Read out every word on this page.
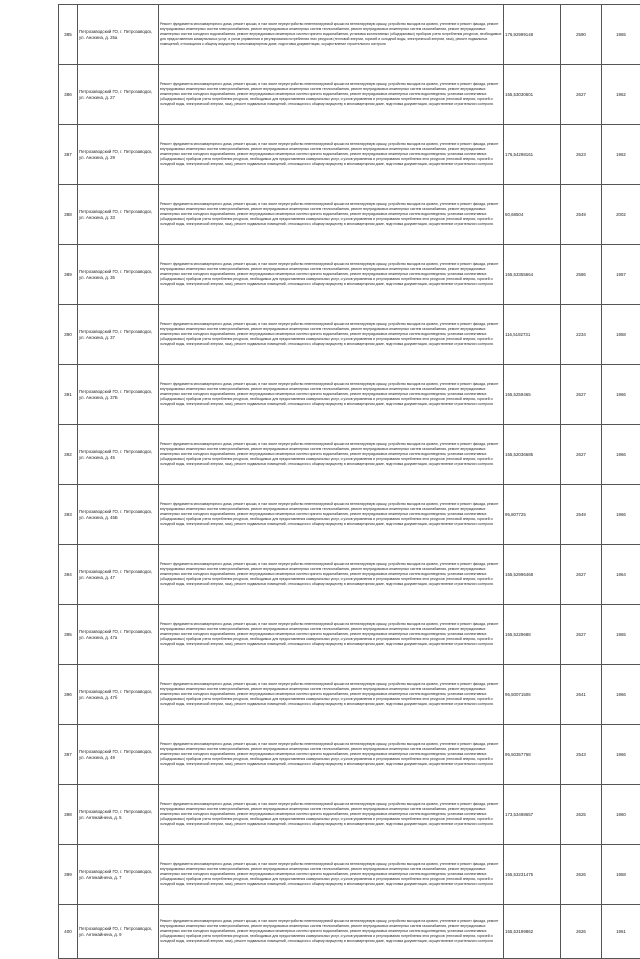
385	Петрозаводский ГО, г. Петрозаводск, ул. Анохина, д. 25а	Ремонт фундамента многоквартирного дома, ремонт крыши, в том числе переустройство невентилируемой крыши на вентилируемую крышу, устройство выходов на кровлю, утепление и ремонт фасада, ремонт внутридомовых инженерных систем электроснабжения, ремонт внутридомовых инженерных систем теплоснабжения, ремонт внутридомовых инженерных систем газоснабжения, ремонт внутридомовых инженерных систем холодного водоснабжения, ремонт внутридомовых инженерных систем горячего водоснабжения, установка коллективных (общедомовых) приборов учета потребления ресурсов, необходимых для предоставления коммунальных услуг, и узлов управления и регулирования потребления этих ресурсов (тепловой энергии, горячей и холодной воды, электрической энергии, газа), ремонт подвальных помещений, относящихся к общему имуществу в многоквартирном доме, подготовка документации, осуществление строительного контроля	176,92999148	2590	1965
386	Петрозаводский ГО, г. Петрозаводск, ул. Анохина, д. 27	Ремонт фундамента многоквартирного дома, ремонт крыши, в том числе переустройство невентилируемой крыши на вентилируемую крышу, устройство выходов на кровлю, утепление и ремонт фасада, ремонт внутридомовых инженерных систем электроснабжения, ремонт внутридомовых инженерных систем теплоснабжения, ремонт внутридомовых инженерных систем газоснабжения, ремонт внутридомовых инженерных систем холодного водоснабжения, ремонт внутридомовых инженерных систем горячего водоснабжения, ремонт внутридомовых инженерных систем водоотведения, установка коллективных (общедомовых) приборов учета потребления ресурсов, необходимых для предоставления коммунальных услуг, и узлов управления и регулирования потребления этих ресурсов (тепловой энергии, горячей и холодной воды, электрической энергии, газа), ремонт подвальных помещений, относящихся к общему имуществу в многоквартирном доме, подготовка документации, осуществление строительного контроля	155,53030601	2627	1962
387	Петрозаводский ГО, г. Петрозаводск, ул. Анохина, д. 29	Ремонт фундамента многоквартирного дома, ремонт крыши, в том числе переустройство невентилируемой крыши на вентилируемую крышу, устройство выходов на кровлю, утепление и ремонт фасада, ремонт внутридомовых инженерных систем электроснабжения, ремонт внутридомовых инженерных систем теплоснабжения, ремонт внутридомовых инженерных систем газоснабжения, ремонт внутридомовых инженерных систем холодного водоснабжения, ремонт внутридомовых инженерных систем горячего водоснабжения, ремонт внутридомовых инженерных систем водоотведения, установка коллективных (общедомовых) приборов учета потребления ресурсов, необходимых для предоставления коммунальных услуг, и узлов управления и регулирования потребления этих ресурсов (тепловой энергии, горячей и холодной воды, электрической энергии, газа), ремонт подвальных помещений, относящихся к общему имуществу в многоквартирном доме, подготовка документации, осуществление строительного контроля	176,54298161	2623	1962
388	Петрозаводский ГО, г. Петрозаводск, ул. Анохина, д. 33	Ремонт фундамента многоквартирного дома, ремонт крыши, в том числе переустройство невентилируемой крыши на вентилируемую крышу, устройство выходов на кровлю, утепление и ремонт фасада, ремонт внутридомовых инженерных систем электроснабжения, ремонт внутридомовых инженерных систем теплоснабжения, ремонт внутридомовых инженерных систем газоснабжения, ремонт внутридомовых инженерных систем холодного водоснабжения, ремонт внутридомовых инженерных систем горячего водоснабжения, ремонт внутридомовых инженерных систем водоотведения, установка коллективных (общедомовых) приборов учета потребления ресурсов, необходимых для предоставления коммунальных услуг, и узлов управления и регулирования потребления этих ресурсов (тепловой энергии, горячей и холодной воды, электрической энергии, газа), ремонт подвальных помещений, относящихся к общему имуществу в многоквартирном доме, подготовка документации, осуществление строительного контроля	50,68504	2549	2002
389	Петрозаводский ГО, г. Петрозаводск, ул. Анохина, д. 35	Ремонт фундамента многоквартирного дома, ремонт крыши, в том числе переустройство невентилируемой крыши на вентилируемую крышу, устройство выходов на кровлю, утепление и ремонт фасада, ремонт внутридомовых инженерных систем электроснабжения, ремонт внутридомовых инженерных систем теплоснабжения, ремонт внутридомовых инженерных систем газоснабжения, ремонт внутридомовых инженерных систем холодного водоснабжения, ремонт внутридомовых инженерных систем горячего водоснабжения, ремонт внутридомовых инженерных систем водоотведения, установка коллективных (общедомовых) приборов учета потребления ресурсов, необходимых для предоставления коммунальных услуг, и узлов управления и регулирования потребления этих ресурсов (тепловой энергии, горячей и холодной воды, электрической энергии, газа), ремонт подвальных помещений, относящихся к общему имуществу в многоквартирном доме, подготовка документации, осуществление строительного контроля	155,53355664	2586	1957
390	Петрозаводский ГО, г. Петрозаводск, ул. Анохина, д. 37	Ремонт фундамента многоквартирного дома, ремонт крыши, в том числе переустройство невентилируемой крыши на вентилируемую крышу, устройство выходов на кровлю, утепление и ремонт фасада, ремонт внутридомовых инженерных систем электроснабжения, ремонт внутридомовых инженерных систем теплоснабжения, ремонт внутридомовых инженерных систем газоснабжения, ремонт внутридомовых инженерных систем холодного водоснабжения, ремонт внутридомовых инженерных систем горячего водоснабжения, ремонт внутридомовых инженерных систем водоотведения, установка коллективных (общедомовых) приборов учета потребления ресурсов, необходимых для предоставления коммунальных услуг, и узлов управления и регулирования потребления этих ресурсов (тепловой энергии, горячей и холодной воды, электрической энергии, газа), ремонт подвальных помещений, относящихся к общему имуществу в многоквартирном доме, подготовка документации, осуществление строительного контроля	116,5192731	2234	1958
391	Петрозаводский ГО, г. Петрозаводск, ул. Анохина, д. 37Б	Ремонт фундамента многоквартирного дома, ремонт крыши, в том числе переустройство невентилируемой крыши на вентилируемую крышу, устройство выходов на кровлю, утепление и ремонт фасада, ремонт внутридомовых инженерных систем электроснабжения, ремонт внутридомовых инженерных систем теплоснабжения, ремонт внутридомовых инженерных систем газоснабжения, ремонт внутридомовых инженерных систем холодного водоснабжения, ремонт внутридомовых инженерных систем горячего водоснабжения, ремонт внутридомовых инженерных систем водоотведения, установка коллективных (общедомовых) приборов учета потребления ресурсов, необходимых для предоставления коммунальных услуг, и узлов управления и регулирования потребления этих ресурсов (тепловой энергии, горячей и холодной воды, электрической энергии, газа), ремонт подвальных помещений, относящихся к общему имуществу в многоквартирном доме, подготовка документации, осуществление строительного контроля	155,5259465	2627	1966
392	Петрозаводский ГО, г. Петрозаводск, ул. Анохина, д. 45	Ремонт фундамента многоквартирного дома, ремонт крыши, в том числе переустройство невентилируемой крыши на вентилируемую крышу, устройство выходов на кровлю, утепление и ремонт фасада, ремонт внутридомовых инженерных систем электроснабжения, ремонт внутридомовых инженерных систем теплоснабжения, ремонт внутридомовых инженерных систем газоснабжения, ремонт внутридомовых инженерных систем холодного водоснабжения, ремонт внутридомовых инженерных систем горячего водоснабжения, ремонт внутридомовых инженерных систем водоотведения, установка коллективных (общедомовых) приборов учета потребления ресурсов, необходимых для предоставления коммунальных услуг, и узлов управления и регулирования потребления этих ресурсов (тепловой энергии, горячей и холодной воды, электрической энергии, газа), ремонт подвальных помещений, относящихся к общему имуществу в многоквартирном доме, подготовка документации, осуществление строительного контроля	155,52036685	2627	1966
393	Петрозаводский ГО, г. Петрозаводск, ул. Анохина, д. 45Б	Ремонт фундамента многоквартирного дома, ремонт крыши, в том числе переустройство невентилируемой крыши на вентилируемую крышу, устройство выходов на кровлю, утепление и ремонт фасада, ремонт внутридомовых инженерных систем электроснабжения, ремонт внутридомовых инженерных систем теплоснабжения, ремонт внутридомовых инженерных систем газоснабжения, ремонт внутридомовых инженерных систем холодного водоснабжения, ремонт внутридомовых инженерных систем горячего водоснабжения, ремонт внутридомовых инженерных систем водоотведения, установка коллективных (общедомовых) приборов учета потребления ресурсов, необходимых для предоставления коммунальных услуг, и узлов управления и регулирования потребления этих ресурсов (тепловой энергии, горячей и холодной воды, электрической энергии, газа), ремонт подвальных помещений, относящихся к общему имуществу в многоквартирном доме, подготовка документации, осуществление строительного контроля	95,807725	2549	1966
394	Петрозаводский ГО, г. Петрозаводск, ул. Анохина, д. 47	Ремонт фундамента многоквартирного дома, ремонт крыши, в том числе переустройство невентилируемой крыши на вентилируемую крышу, устройство выходов на кровлю, утепление и ремонт фасада, ремонт внутридомовых инженерных систем электроснабжения, ремонт внутридомовых инженерных систем теплоснабжения, ремонт внутридомовых инженерных систем газоснабжения, ремонт внутридомовых инженерных систем холодного водоснабжения, ремонт внутридомовых инженерных систем горячего водоснабжения, ремонт внутридомовых инженерных систем водоотведения, установка коллективных (общедомовых) приборов учета потребления ресурсов, необходимых для предоставления коммунальных услуг, и узлов управления и регулирования потребления этих ресурсов (тепловой энергии, горячей и холодной воды, электрической энергии, газа), ремонт подвальных помещений, относящихся к общему имуществу в многоквартирном доме, подготовка документации, осуществление строительного контроля	155,52996468	2627	1964
395	Петрозаводский ГО, г. Петрозаводск, ул. Анохина, д. 47а	Ремонт фундамента многоквартирного дома, ремонт крыши, в том числе переустройство невентилируемой крыши на вентилируемую крышу, устройство выходов на кровлю, утепление и ремонт фасада, ремонт внутридомовых инженерных систем электроснабжения, ремонт внутридомовых инженерных систем теплоснабжения, ремонт внутридомовых инженерных систем газоснабжения, ремонт внутридомовых инженерных систем холодного водоснабжения, ремонт внутридомовых инженерных систем горячего водоснабжения, ремонт внутридомовых инженерных систем водоотведения, установка коллективных (общедомовых) приборов учета потребления ресурсов, необходимых для предоставления коммунальных услуг, и узлов управления и регулирования потребления этих ресурсов (тепловой энергии, горячей и холодной воды, электрической энергии, газа), ремонт подвальных помещений, относящихся к общему имуществу в многоквартирном доме, подготовка документации, осуществление строительного контроля	155,5229688	2627	1965
396	Петрозаводский ГО, г. Петрозаводск, ул. Анохина, д. 47б	Ремонт фундамента многоквартирного дома, ремонт крыши, в том числе переустройство невентилируемой крыши на вентилируемую крышу, устройство выходов на кровлю, утепление и ремонт фасада, ремонт внутридомовых инженерных систем электроснабжения, ремонт внутридомовых инженерных систем теплоснабжения, ремонт внутридомовых инженерных систем газоснабжения, ремонт внутридомовых инженерных систем холодного водоснабжения, ремонт внутридомовых инженерных систем горячего водоснабжения, ремонт внутридомовых инженерных систем водоотведения, установка коллективных (общедомовых) приборов учета потребления ресурсов, необходимых для предоставления коммунальных услуг, и узлов управления и регулирования потребления этих ресурсов (тепловой энергии, горячей и холодной воды, электрической энергии, газа), ремонт подвальных помещений, относящихся к общему имуществу в многоквартирном доме, подготовка документации, осуществление строительного контроля	95,50071506	2641	1966
397	Петрозаводский ГО, г. Петрозаводск, ул. Анохина, д. 49	Ремонт фундамента многоквартирного дома, ремонт крыши, в том числе переустройство невентилируемой крыши на вентилируемую крышу, устройство выходов на кровлю, утепление и ремонт фасада, ремонт внутридомовых инженерных систем электроснабжения, ремонт внутридомовых инженерных систем теплоснабжения, ремонт внутридомовых инженерных систем газоснабжения, ремонт внутридомовых инженерных систем холодного водоснабжения, ремонт внутридомовых инженерных систем горячего водоснабжения, ремонт внутридомовых инженерных систем водоотведения, установка коллективных (общедомовых) приборов учета потребления ресурсов, необходимых для предоставления коммунальных услуг, и узлов управления и регулирования потребления этих ресурсов (тепловой энергии, горячей и холодной воды, электрической энергии, газа), ремонт подвальных помещений, относящихся к общему имуществу в многоквартирном доме, подготовка документации, осуществление строительного контроля	95,50357768	2543	1966
398	Петрозаводский ГО, г. Петрозаводск, ул. Антикайнена, д. 5	Ремонт фундамента многоквартирного дома, ремонт крыши, в том числе переустройство невентилируемой крыши на вентилируемую крышу, устройство выходов на кровлю, утепление и ремонт фасада, ремонт внутридомовых инженерных систем электроснабжения, ремонт внутридомовых инженерных систем теплоснабжения, ремонт внутридомовых инженерных систем газоснабжения, ремонт внутридомовых инженерных систем холодного водоснабжения, ремонт внутридомовых инженерных систем горячего водоснабжения, ремонт внутридомовых инженерных систем водоотведения, установка коллективных (общедомовых) приборов учета потребления ресурсов, необходимых для предоставления коммунальных услуг, и узлов управления и регулирования потребления этих ресурсов (тепловой энергии, горячей и холодной воды, электрической энергии, газа), ремонт подвальных помещений, относящихся к общему имуществу в многоквартирном доме, подготовка документации, осуществление строительного контроля	173,53498657	2625	1960
399	Петрозаводский ГО, г. Петрозаводск, ул. Антикайнена, д. 7	Ремонт фундамента многоквартирного дома, ремонт крыши, в том числе переустройство невентилируемой крыши на вентилируемую крышу, устройство выходов на кровлю, утепление и ремонт фасада, ремонт внутридомовых инженерных систем электроснабжения, ремонт внутридомовых инженерных систем теплоснабжения, ремонт внутридомовых инженерных систем газоснабжения, ремонт внутридомовых инженерных систем холодного водоснабжения, ремонт внутридомовых инженерных систем горячего водоснабжения, ремонт внутридомовых инженерных систем водоотведения, установка коллективных (общедомовых) приборов учета потребления ресурсов, необходимых для предоставления коммунальных услуг, и узлов управления и регулирования потребления этих ресурсов (тепловой энергии, горячей и холодной воды, электрической энергии, газа), ремонт подвальных помещений, относящихся к общему имуществу в многоквартирном доме, подготовка документации, осуществление строительного контроля	155,53231475	2626	1958
400	Петрозаводский ГО, г. Петрозаводск, ул. Антикайнена, д. 9	Ремонт фундамента многоквартирного дома, ремонт крыши, в том числе переустройство невентилируемой крыши на вентилируемую крышу, устройство выходов на кровлю, утепление и ремонт фасада, ремонт внутридомовых инженерных систем электроснабжения, ремонт внутридомовых инженерных систем теплоснабжения, ремонт внутридомовых инженерных систем газоснабжения, ремонт внутридомовых инженерных систем холодного водоснабжения, ремонт внутридомовых инженерных систем горячего водоснабжения, ремонт внутридомовых инженерных систем водоотведения, установка коллективных (общедомовых) приборов учета потребления ресурсов, необходимых для предоставления коммунальных услуг, и узлов управления и регулирования потребления этих ресурсов (тепловой энергии, горячей и холодной воды, электрической энергии, газа), ремонт подвальных помещений, относящихся к общему имуществу в многоквартирном доме, подготовка документации, осуществление строительного контроля	155,53199862	2626	1961
